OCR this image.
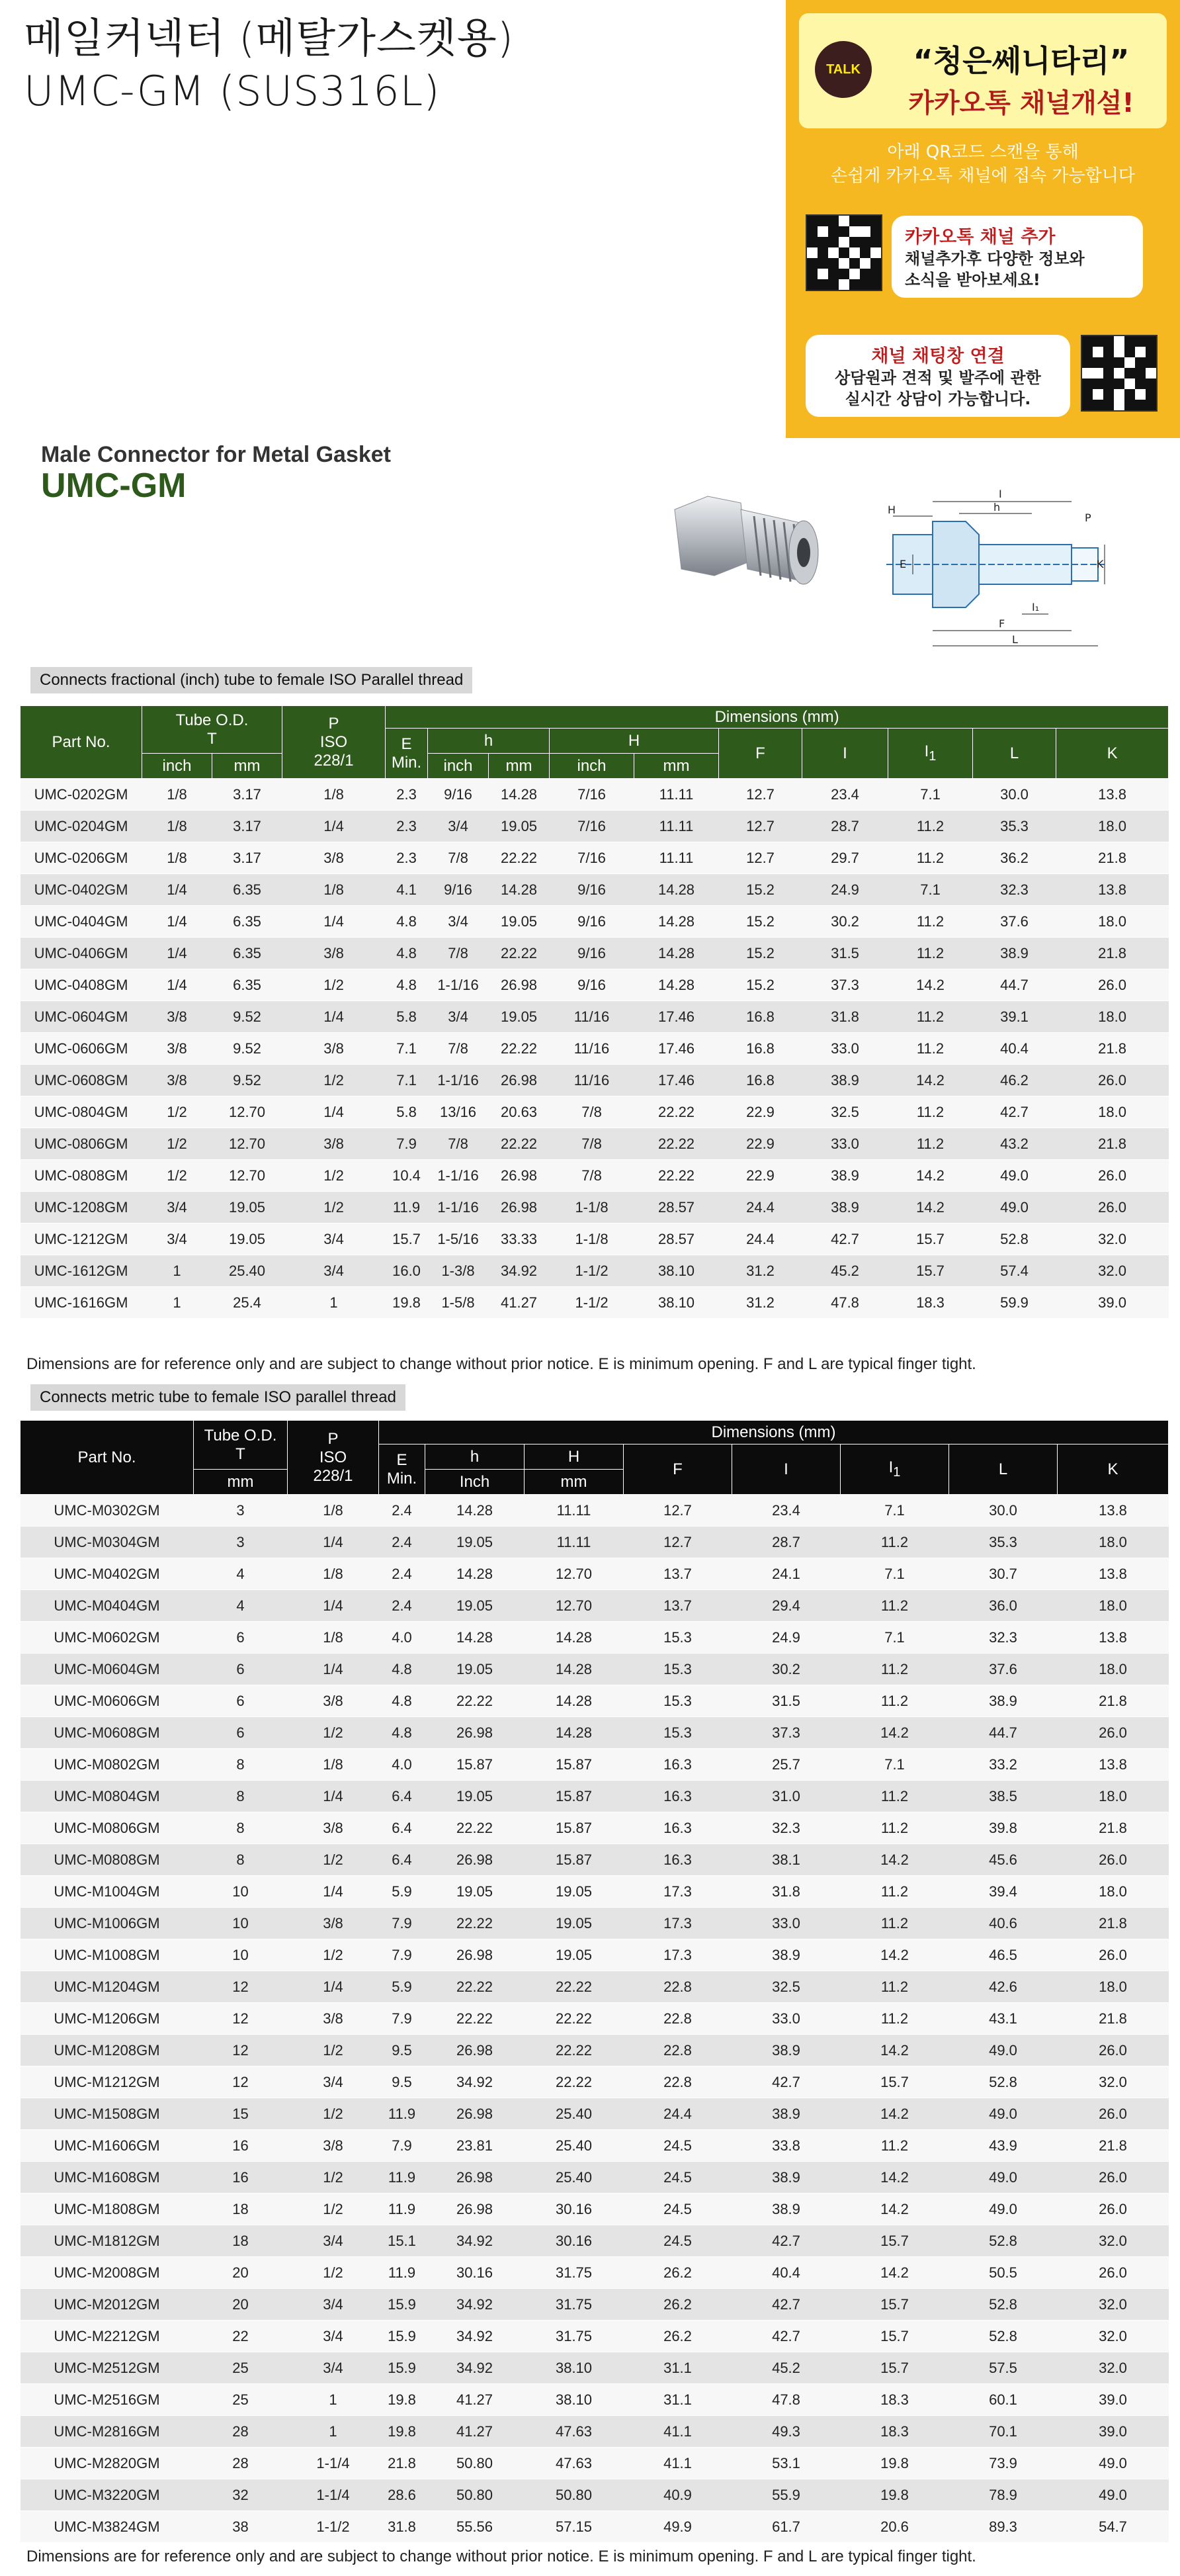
메일커넥터 (메탈가스켓용)
UMC-GM (SUS316L)	TALK	“청은쎄니타리”
카카오톡 채널개설!
아래 QR코드 스캔을 통해
손쉽게 카카오톡 채널에 접속 가능합니다
카카오톡 채널 추가
채널추가후 다양한 정보와
소식을 받아보세요!
채널 채팅창 연결
상담원과 견적 및 발주에 관한
실시간 상담이 가능합니다.
Male Connector for Metal Gasket
UMC-GM	I
h
H
P
E	K
F
I₁
L
Connects fractional (inch) tube to female ISO Parallel thread
Part No.	Tube O.D.
T		P
ISO
228/1	Dimensions (mm)									
				E
Min.	h		H		F	I	$I_1$	L	K
	inch	mm			inch	mm	inch	mm					
UMC-0202GM	1/8	3.17	1/8	2.3	9/16	14.28	7/16	11.11	12.7	23.4	7.1	30.0	13.8
UMC-0204GM	1/8	3.17	1/4	2.3	3/4	19.05	7/16	11.11	12.7	28.7	11.2	35.3	18.0
UMC-0206GM	1/8	3.17	3/8	2.3	7/8	22.22	7/16	11.11	12.7	29.7	11.2	36.2	21.8
UMC-0402GM	1/4	6.35	1/8	4.1	9/16	14.28	9/16	14.28	15.2	24.9	7.1	32.3	13.8
UMC-0404GM	1/4	6.35	1/4	4.8	3/4	19.05	9/16	14.28	15.2	30.2	11.2	37.6	18.0
UMC-0406GM	1/4	6.35	3/8	4.8	7/8	22.22	9/16	14.28	15.2	31.5	11.2	38.9	21.8
UMC-0408GM	1/4	6.35	1/2	4.8	1-1/16	26.98	9/16	14.28	15.2	37.3	14.2	44.7	26.0
UMC-0604GM	3/8	9.52	1/4	5.8	3/4	19.05	11/16	17.46	16.8	31.8	11.2	39.1	18.0
UMC-0606GM	3/8	9.52	3/8	7.1	7/8	22.22	11/16	17.46	16.8	33.0	11.2	40.4	21.8
UMC-0608GM	3/8	9.52	1/2	7.1	1-1/16	26.98	11/16	17.46	16.8	38.9	14.2	46.2	26.0
UMC-0804GM	1/2	12.70	1/4	5.8	13/16	20.63	7/8	22.22	22.9	32.5	11.2	42.7	18.0
UMC-0806GM	1/2	12.70	3/8	7.9	7/8	22.22	7/8	22.22	22.9	33.0	11.2	43.2	21.8
UMC-0808GM	1/2	12.70	1/2	10.4	1-1/16	26.98	7/8	22.22	22.9	38.9	14.2	49.0	26.0
UMC-1208GM	3/4	19.05	1/2	11.9	1-1/16	26.98	1-1/8	28.57	24.4	38.9	14.2	49.0	26.0
UMC-1212GM	3/4	19.05	3/4	15.7	1-5/16	33.33	1-1/8	28.57	24.4	42.7	15.7	52.8	32.0
UMC-1612GM	1	25.40	3/4	16.0	1-3/8	34.92	1-1/2	38.10	31.2	45.2	15.7	57.4	32.0
UMC-1616GM	1	25.4	1	19.8	1-5/8	41.27	1-1/2	38.10	31.2	47.8	18.3	59.9	39.0
Dimensions are for reference only and are subject to change without prior notice. E is minimum opening. F and L are typical finger tight.
Connects metric tube to female ISO parallel thread
Part No.	Tube O.D.
T	P
ISO
228/1	Dimensions (mm)							
			E
Min.	h	H	F	I	$I_1$	L	K
	mm			Inch	mm					
UMC-M0302GM	3	1/8	2.4	14.28	11.11	12.7	23.4	7.1	30.0	13.8
UMC-M0304GM	3	1/4	2.4	19.05	11.11	12.7	28.7	11.2	35.3	18.0
UMC-M0402GM	4	1/8	2.4	14.28	12.70	13.7	24.1	7.1	30.7	13.8
UMC-M0404GM	4	1/4	2.4	19.05	12.70	13.7	29.4	11.2	36.0	18.0
UMC-M0602GM	6	1/8	4.0	14.28	14.28	15.3	24.9	7.1	32.3	13.8
UMC-M0604GM	6	1/4	4.8	19.05	14.28	15.3	30.2	11.2	37.6	18.0
UMC-M0606GM	6	3/8	4.8	22.22	14.28	15.3	31.5	11.2	38.9	21.8
UMC-M0608GM	6	1/2	4.8	26.98	14.28	15.3	37.3	14.2	44.7	26.0
UMC-M0802GM	8	1/8	4.0	15.87	15.87	16.3	25.7	7.1	33.2	13.8
UMC-M0804GM	8	1/4	6.4	19.05	15.87	16.3	31.0	11.2	38.5	18.0
UMC-M0806GM	8	3/8	6.4	22.22	15.87	16.3	32.3	11.2	39.8	21.8
UMC-M0808GM	8	1/2	6.4	26.98	15.87	16.3	38.1	14.2	45.6	26.0
UMC-M1004GM	10	1/4	5.9	19.05	19.05	17.3	31.8	11.2	39.4	18.0
UMC-M1006GM	10	3/8	7.9	22.22	19.05	17.3	33.0	11.2	40.6	21.8
UMC-M1008GM	10	1/2	7.9	26.98	19.05	17.3	38.9	14.2	46.5	26.0
UMC-M1204GM	12	1/4	5.9	22.22	22.22	22.8	32.5	11.2	42.6	18.0
UMC-M1206GM	12	3/8	7.9	22.22	22.22	22.8	33.0	11.2	43.1	21.8
UMC-M1208GM	12	1/2	9.5	26.98	22.22	22.8	38.9	14.2	49.0	26.0
UMC-M1212GM	12	3/4	9.5	34.92	22.22	22.8	42.7	15.7	52.8	32.0
UMC-M1508GM	15	1/2	11.9	26.98	25.40	24.4	38.9	14.2	49.0	26.0
UMC-M1606GM	16	3/8	7.9	23.81	25.40	24.5	33.8	11.2	43.9	21.8
UMC-M1608GM	16	1/2	11.9	26.98	25.40	24.5	38.9	14.2	49.0	26.0
UMC-M1808GM	18	1/2	11.9	26.98	30.16	24.5	38.9	14.2	49.0	26.0
UMC-M1812GM	18	3/4	15.1	34.92	30.16	24.5	42.7	15.7	52.8	32.0
UMC-M2008GM	20	1/2	11.9	30.16	31.75	26.2	40.4	14.2	50.5	26.0
UMC-M2012GM	20	3/4	15.9	34.92	31.75	26.2	42.7	15.7	52.8	32.0
UMC-M2212GM	22	3/4	15.9	34.92	31.75	26.2	42.7	15.7	52.8	32.0
UMC-M2512GM	25	3/4	15.9	34.92	38.10	31.1	45.2	15.7	57.5	32.0
UMC-M2516GM	25	1	19.8	41.27	38.10	31.1	47.8	18.3	60.1	39.0
UMC-M2816GM	28	1	19.8	41.27	47.63	41.1	49.3	18.3	70.1	39.0
UMC-M2820GM	28	1-1/4	21.8	50.80	47.63	41.1	53.1	19.8	73.9	49.0
UMC-M3220GM	32	1-1/4	28.6	50.80	50.80	40.9	55.9	19.8	78.9	49.0
UMC-M3824GM	38	1-1/2	31.8	55.56	57.15	49.9	61.7	20.6	89.3	54.7
Dimensions are for reference only and are subject to change without prior notice. E is minimum opening. F and L are typical finger tight.
